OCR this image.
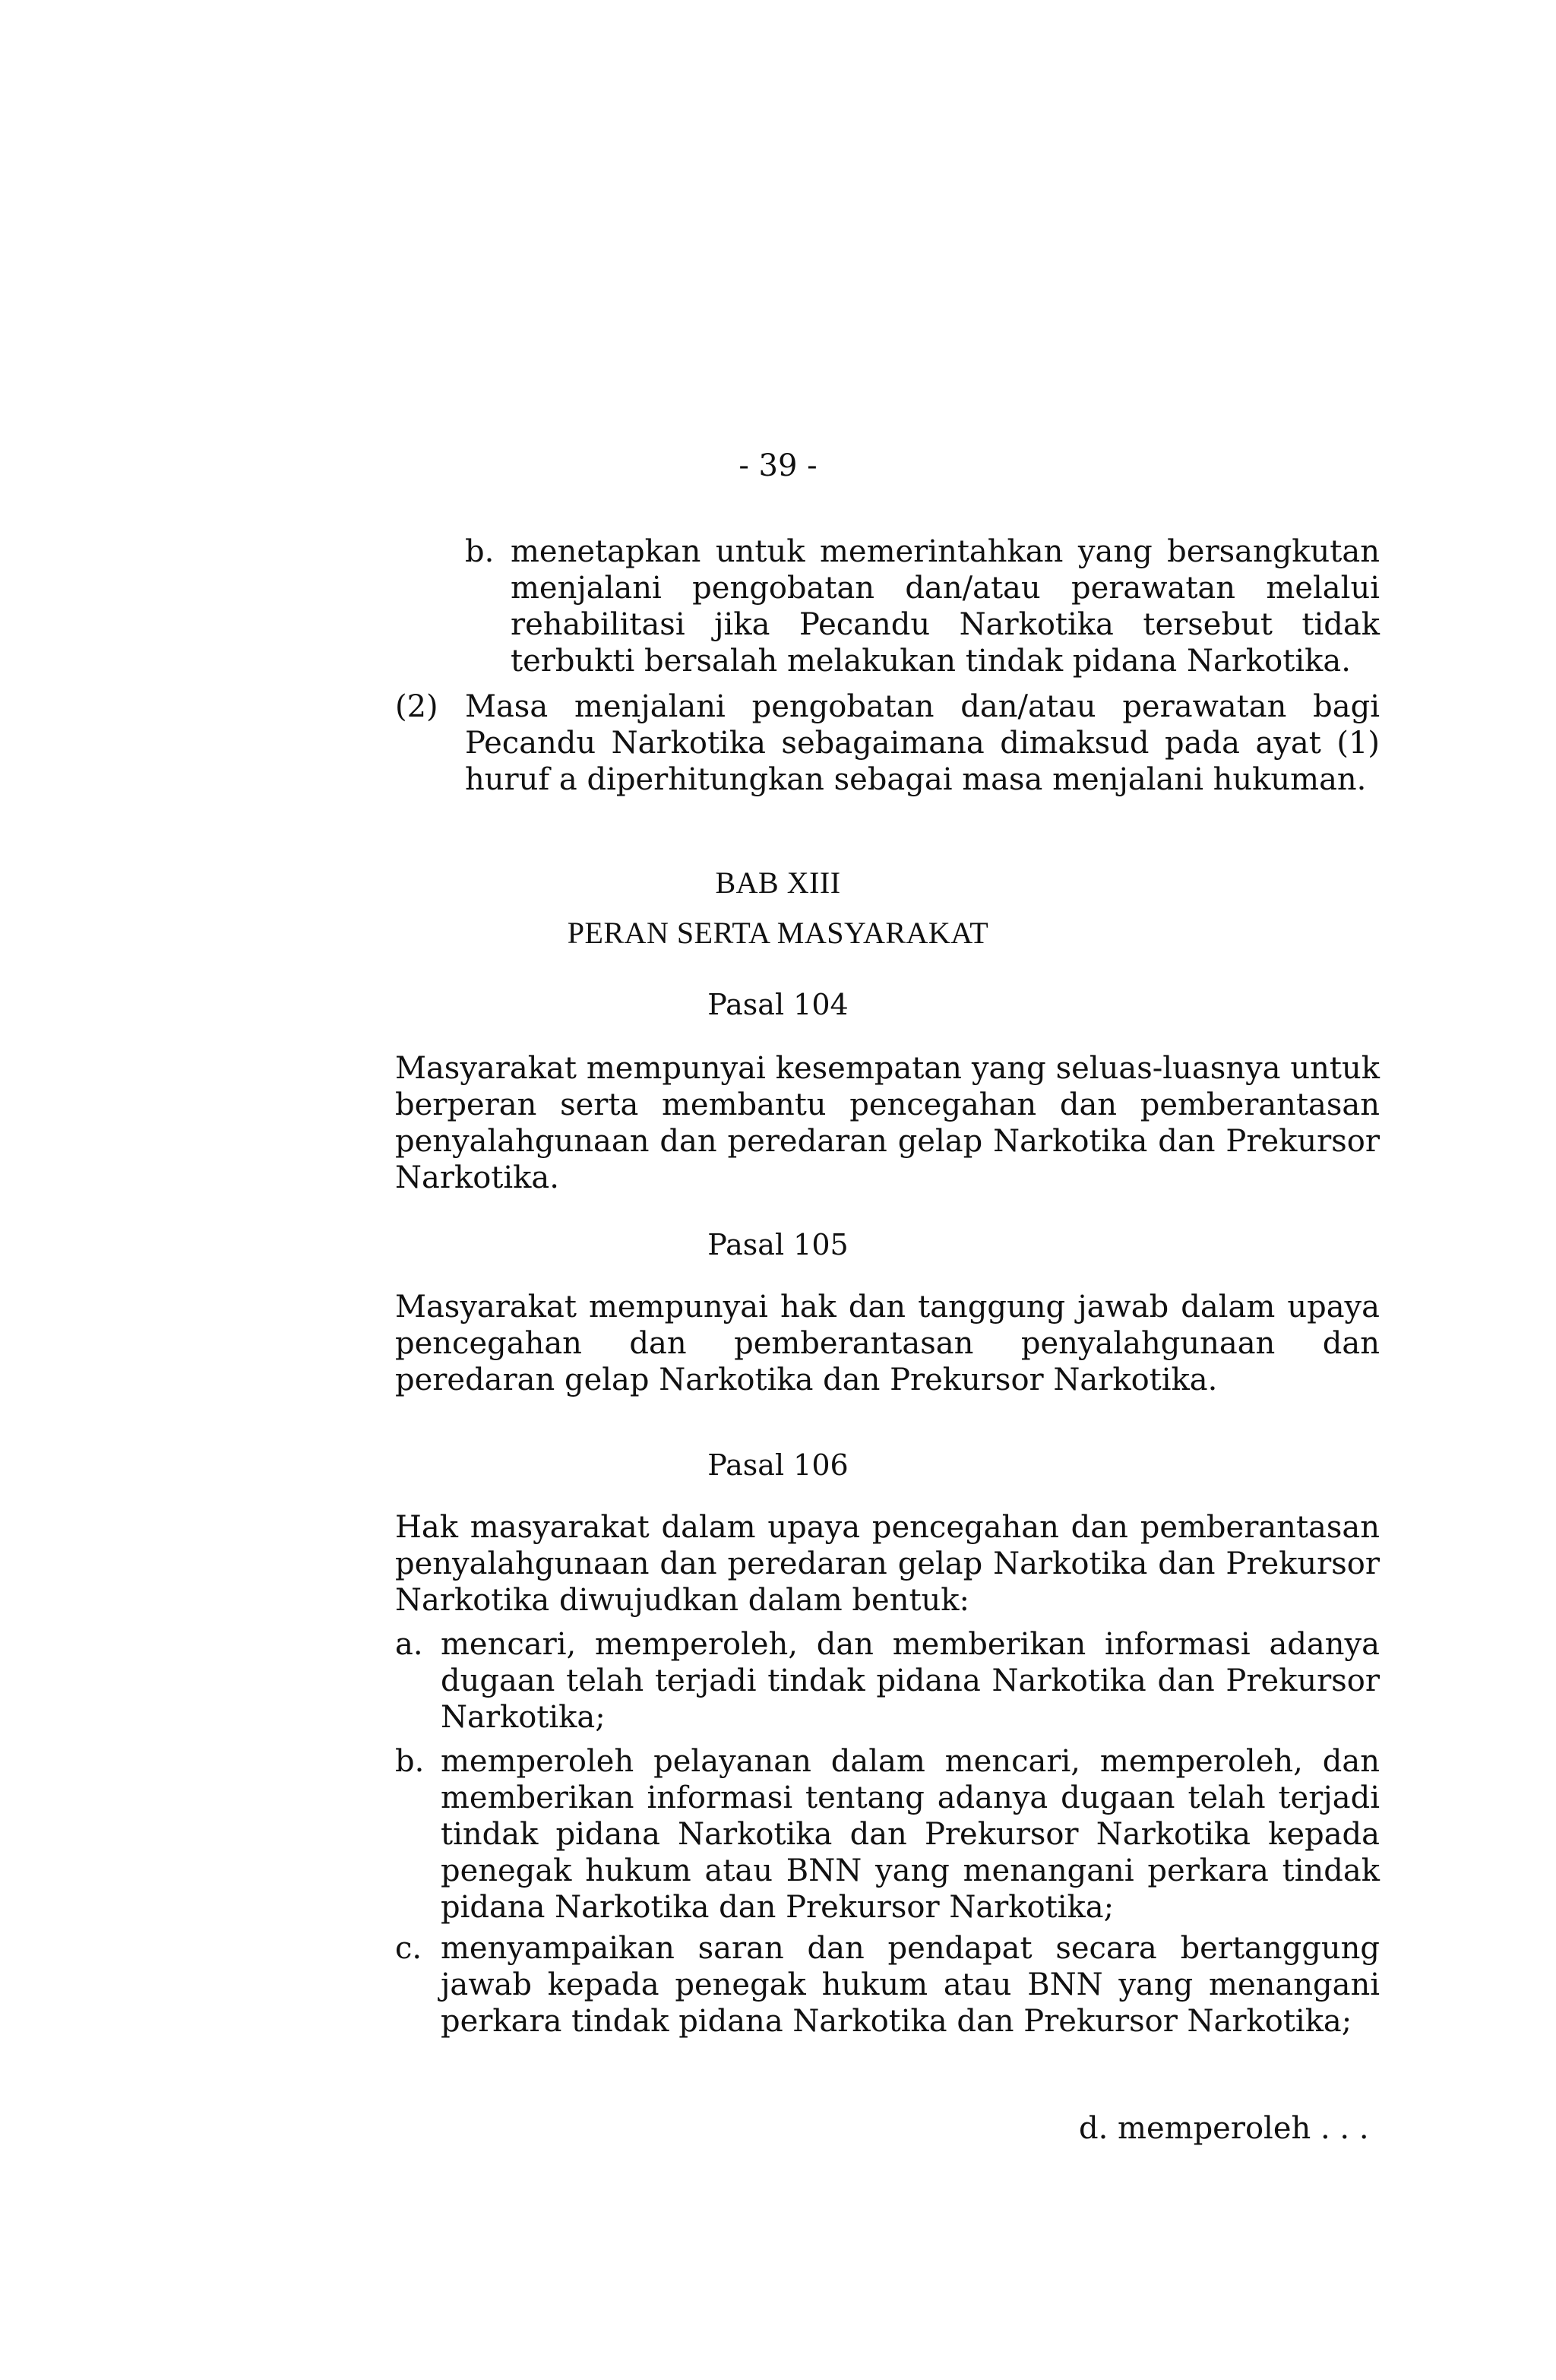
- 39 -
b. menetapkan untuk memerintahkan yang bersangkutan menjalani pengobatan dan/atau perawatan melalui rehabilitasi jika Pecandu Narkotika tersebut tidak terbukti bersalah melakukan tindak pidana Narkotika.
(2) Masa menjalani pengobatan dan/atau perawatan bagi Pecandu Narkotika sebagaimana dimaksud pada ayat (1) huruf a diperhitungkan sebagai masa menjalani hukuman.
BAB XIII
PERAN SERTA MASYARAKAT
Pasal 104
Masyarakat mempunyai kesempatan yang seluas-luasnya untuk berperan serta membantu pencegahan dan pemberantasan penyalahgunaan dan peredaran gelap Narkotika dan Prekursor Narkotika.
Pasal 105
Masyarakat mempunyai hak dan tanggung jawab dalam upaya pencegahan dan pemberantasan penyalahgunaan dan peredaran gelap Narkotika dan Prekursor Narkotika.
Pasal 106
Hak masyarakat dalam upaya pencegahan dan pemberantasan penyalahgunaan dan peredaran gelap Narkotika dan Prekursor Narkotika diwujudkan dalam bentuk:
a. mencari, memperoleh, dan memberikan informasi adanya dugaan telah terjadi tindak pidana Narkotika dan Prekursor Narkotika;
b. memperoleh pelayanan dalam mencari, memperoleh, dan memberikan informasi tentang adanya dugaan telah terjadi tindak pidana Narkotika dan Prekursor Narkotika kepada penegak hukum atau BNN yang menangani perkara tindak pidana Narkotika dan Prekursor Narkotika;
c. menyampaikan saran dan pendapat secara bertanggung jawab kepada penegak hukum atau BNN yang menangani perkara tindak pidana Narkotika dan Prekursor Narkotika;
d. memperoleh . . .
